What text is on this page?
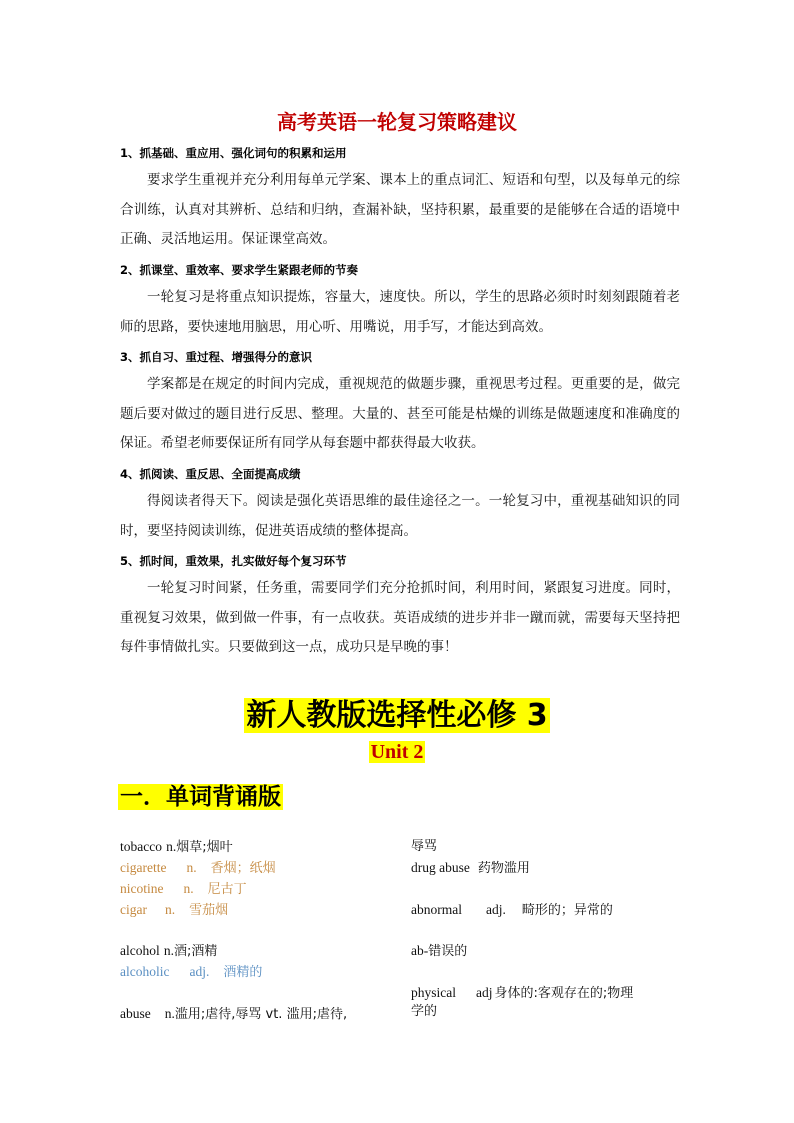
高考英语一轮复习策略建议
1、抓基础、重应用、强化词句的积累和运用
要求学生重视并充分利用每单元学案、课本上的重点词汇、短语和句型，以及每单元的综合训练，认真对其辨析、总结和归纳，查漏补缺，坚持积累，最重要的是能够在合适的语境中正确、灵活地运用。保证课堂高效。
2、抓课堂、重效率、要求学生紧跟老师的节奏
一轮复习是将重点知识提炼，容量大，速度快。所以，学生的思路必须时时刻刻跟随着老师的思路，要快速地用脑思，用心听、用嘴说，用手写，才能达到高效。
3、抓自习、重过程、增强得分的意识
学案都是在规定的时间内完成，重视规范的做题步骤，重视思考过程。更重要的是，做完题后要对做过的题目进行反思、整理。大量的、甚至可能是枯燥的训练是做题速度和准确度的保证。希望老师要保证所有同学从每套题中都获得最大收获。
4、抓阅读、重反思、全面提高成绩
得阅读者得天下。阅读是强化英语思维的最佳途径之一。一轮复习中，重视基础知识的同时，要坚持阅读训练，促进英语成绩的整体提高。
5、抓时间，重效果，扎实做好每个复习环节
一轮复习时间紧，任务重，需要同学们充分抢抓时间，利用时间，紧跟复习进度。同时，重视复习效果，做到做一件事，有一点收获。英语成绩的进步并非一蹴而就，需要每天坚持把每件事情做扎实。只要做到这一点，成功只是早晚的事！
新人教版选择性必修 3
Unit 2
一．单词背诵版
tobacco n.烟草;烟叶
cigarette n. 香烟；纸烟
nicotine n. 尼古丁
cigar n. 雪茄烟
alcohol n.酒;酒精
alcoholic adj. 酒精的
abuse n.滥用;虐待,辱骂 vt. 滥用;虐待,
辱骂
drug abuse 药物滥用
abnormal adj. 畸形的；异常的
ab-错误的
physical adj 身体的:客观存在的;物理
学的
